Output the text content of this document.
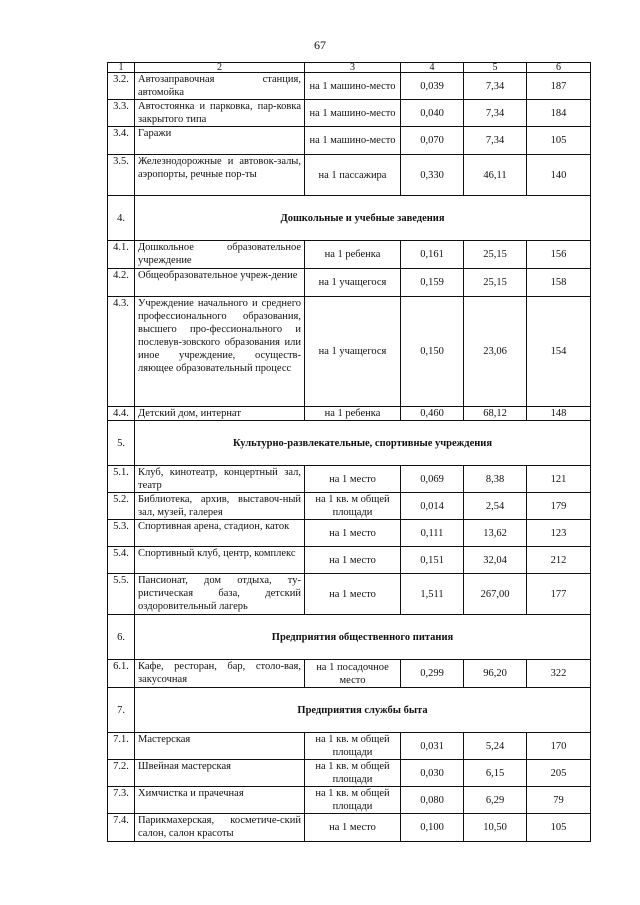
67
1	2	3	4	5	6
3.2.	Автозаправочная станция, автомойка	на 1 машино-место	0,039	7,34	187
3.3.	Автостоянка и парковка, пар-ковка закрытого типа	на 1 машино-место	0,040	7,34	184
3.4.	Гаражи	на 1 машино-место	0,070	7,34	105
3.5.	Железнодорожные и автовок-залы, аэропорты, речные пор-ты	на 1 пассажира	0,330	46,11	140
4.	Дошкольные и учебные заведения				
4.1.	Дошкольное образовательное учреждение	на 1 ребенка	0,161	25,15	156
4.2.	Общеобразовательное учреж-дение	на 1 учащегося	0,159	25,15	158
4.3.	Учреждение начального и среднего профессионального образования, высшего про-фессионального и послевув-зовского образования или иное учреждение, осуществ-ляющее образовательный процесс	на 1 учащегося	0,150	23,06	154
4.4.	Детский дом, интернат	на 1 ребенка	0,460	68,12	148
5.	Культурно-развлекательные, спортивные учреждения				
5.1.	Клуб, кинотеатр, концертный зал, театр	на 1 место	0,069	8,38	121
5.2.	Библиотека, архив, выставоч-ный зал, музей, галерея	на 1 кв. м общей площади	0,014	2,54	179
5.3.	Спортивная арена, стадион, каток	на 1 место	0,111	13,62	123
5.4.	Спортивный клуб, центр, комплекс	на 1 место	0,151	32,04	212
5.5.	Пансионат, дом отдыха, ту-ристическая база, детский оздоровительный лагерь	на 1 место	1,511	267,00	177
6.	Предприятия общественного питания				
6.1.	Кафе, ресторан, бар, столо-вая, закусочная	на 1 посадочное место	0,299	96,20	322
7.	Предприятия службы быта				
7.1.	Мастерская	на 1 кв. м общей площади	0,031	5,24	170
7.2.	Швейная мастерская	на 1 кв. м общей площади	0,030	6,15	205
7.3.	Химчистка и прачечная	на 1 кв. м общей площади	0,080	6,29	79
7.4.	Парикмахерская, косметиче-ский салон, салон красоты	на 1 место	0,100	10,50	105
